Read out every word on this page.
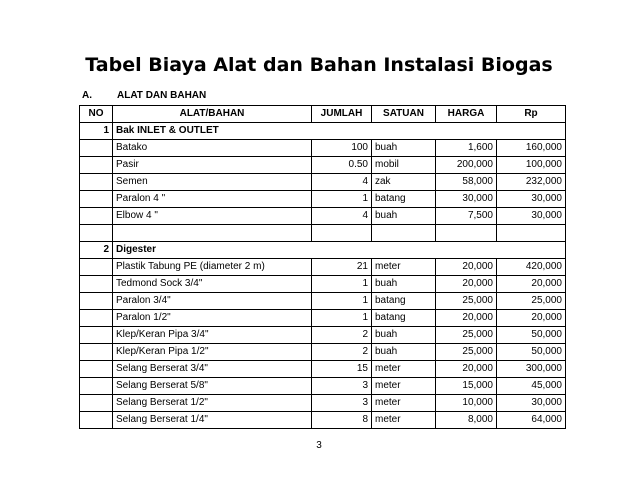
Tabel Biaya Alat dan Bahan Instalasi Biogas
A.	ALAT DAN BAHAN
NO	ALAT/BAHAN	JUMLAH	SATUAN	HARGA	Rp
1	Bak INLET & OUTLET				
	Batako	100	buah	1,600	160,000
	Pasir	0.50	mobil	200,000	100,000
	Semen	4	zak	58,000	232,000
	Paralon 4 "	1	batang	30,000	30,000
	Elbow 4 "	4	buah	7,500	30,000

2	Digester				
	Plastik Tabung PE (diameter 2 m)	21	meter	20,000	420,000
	Tedmond Sock 3/4"	1	buah	20,000	20,000
	Paralon 3/4"	1	batang	25,000	25,000
	Paralon 1/2"	1	batang	20,000	20,000
	Klep/Keran Pipa 3/4"	2	buah	25,000	50,000
	Klep/Keran Pipa 1/2"	2	buah	25,000	50,000
	Selang Berserat 3/4"	15	meter	20,000	300,000
	Selang Berserat 5/8"	3	meter	15,000	45,000
	Selang Berserat 1/2"	3	meter	10,000	30,000
	Selang Berserat 1/4"	8	meter	8,000	64,000
3
